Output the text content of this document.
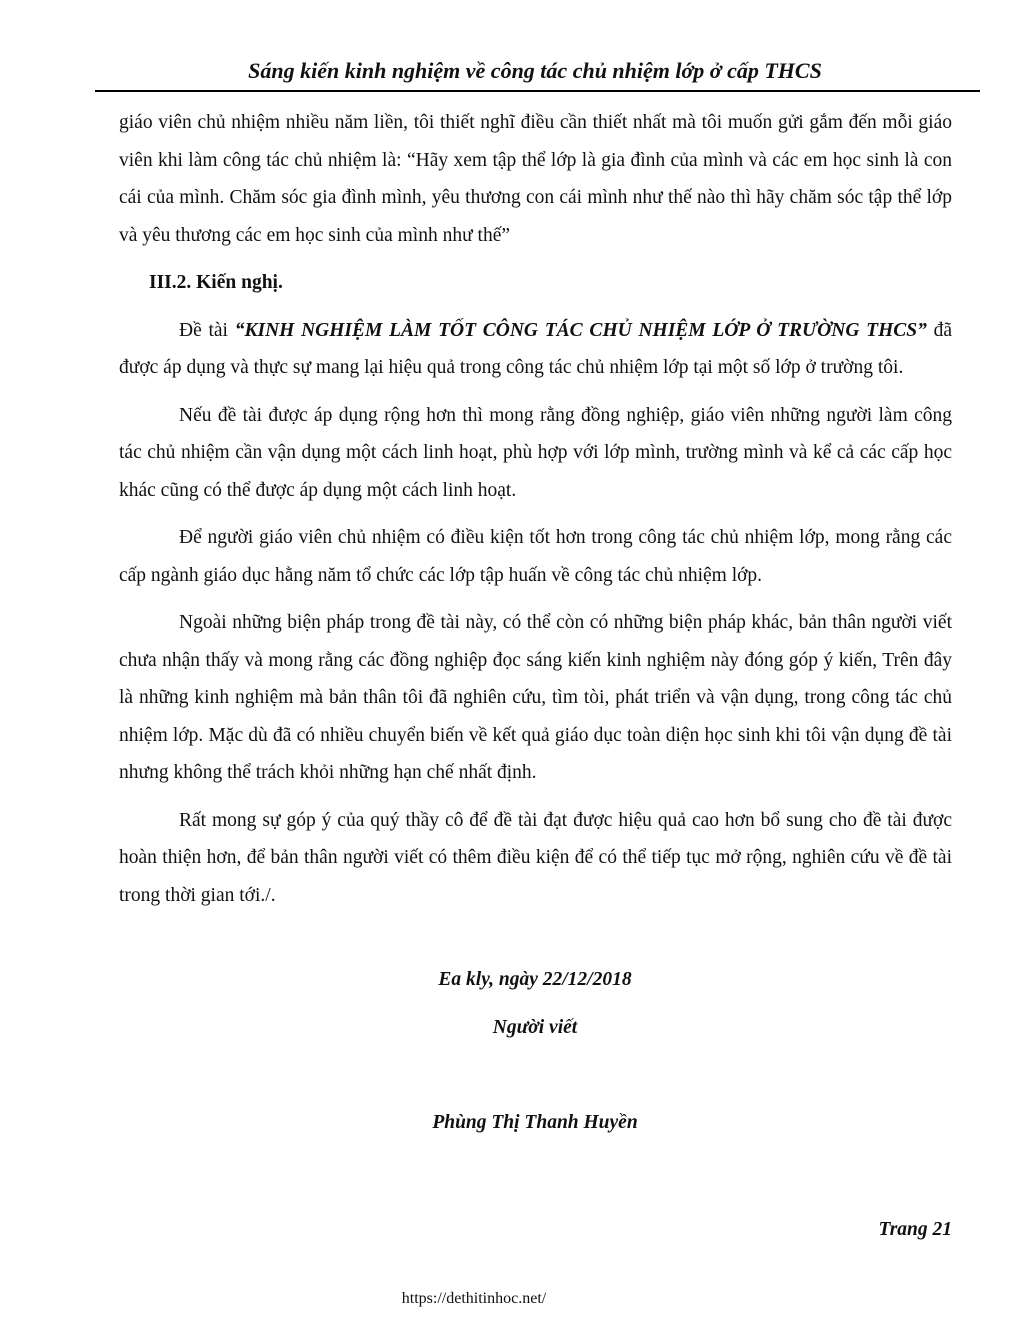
Sáng kiến kinh nghiệm về công tác chủ nhiệm lớp ở cấp THCS

giáo viên chủ nhiệm nhiều năm liền, tôi thiết nghĩ điều cần thiết nhất mà tôi muốn gửi gắm đến mỗi giáo viên khi làm công tác chủ nhiệm là: “Hãy xem tập thể lớp là gia đình của mình và các em học sinh là con cái của mình. Chăm sóc gia đình mình, yêu thương con cái mình như thế nào thì hãy chăm sóc tập thể lớp và yêu thương các em học sinh của mình như thế”

III.2. Kiến nghị.

Đề tài “KINH NGHIỆM LÀM TỐT CÔNG TÁC CHỦ NHIỆM LỚP Ở TRƯỜNG THCS” đã được áp dụng và thực sự mang lại hiệu quả trong công tác chủ nhiệm lớp tại một số lớp ở trường tôi.

Nếu đề tài được áp dụng rộng hơn thì mong rằng đồng nghiệp, giáo viên những người làm công tác chủ nhiệm cần vận dụng một cách linh hoạt, phù hợp với lớp mình, trường mình và kể cả các cấp học khác cũng có thể được áp dụng một cách linh hoạt.

Để người giáo viên chủ nhiệm có điều kiện tốt hơn trong công tác chủ nhiệm lớp, mong rằng các cấp ngành giáo dục hằng năm tổ chức các lớp tập huấn về công tác chủ nhiệm lớp.

Ngoài những biện pháp trong đề tài này, có thể còn có những biện pháp khác, bản thân người viết chưa nhận thấy và mong rằng các đồng nghiệp đọc sáng kiến kinh nghiệm này đóng góp ý kiến, Trên đây là những kinh nghiệm mà bản thân tôi đã nghiên cứu, tìm tòi, phát triển và vận dụng, trong công tác chủ nhiệm lớp. Mặc dù đã có nhiều chuyển biến về kết quả giáo dục toàn diện học sinh khi tôi vận dụng đề tài nhưng không thể trách khỏi những hạn chế nhất định.

Rất mong sự góp ý của quý thầy cô để đề tài đạt được hiệu quả cao hơn bổ sung cho đề tài được hoàn thiện hơn, để bản thân người viết có thêm điều kiện để có thể tiếp tục mở rộng, nghiên cứu về đề tài trong thời gian tới./.

Ea kly, ngày 22/12/2018

Người viết

Phùng Thị Thanh Huyền

Trang 21
https://dethitinhoc.net/
